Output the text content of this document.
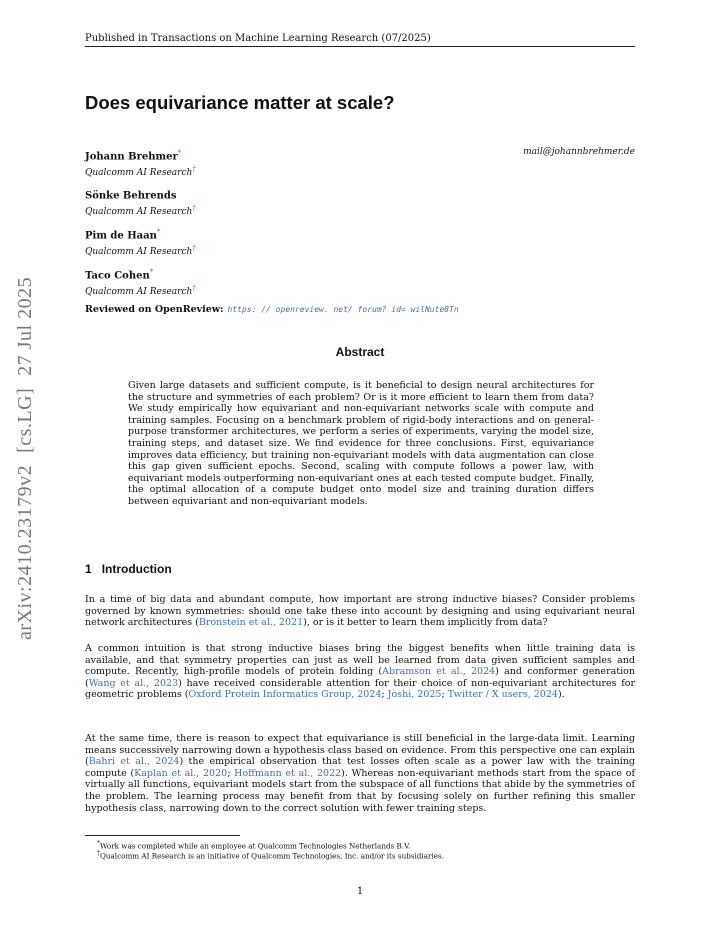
Published in Transactions on Machine Learning Research (07/2025)
arXiv:2410.23179v2[cs.LG]27 Jul 2025
Does equivariance matter at scale?
mail@johannbrehmer.de
Johann Brehmer*
Qualcomm AI Research†
Sönke Behrends
Qualcomm AI Research†
Pim de Haan*
Qualcomm AI Research†
Taco Cohen*
Qualcomm AI Research†
Reviewed on OpenReview: https: // openreview. net/ forum? id= wilNute8Tn
Abstract
Given large datasets and sufficient compute, is it beneficial to design neural architectures for the structure and symmetries of each problem? Or is it more efficient to learn them from data? We study empirically how equivariant and non-equivariant networks scale with compute and training samples. Focusing on a benchmark problem of rigid-body interactions and on general-purpose transformer architectures, we perform a series of experiments, varying the model size, training steps, and dataset size. We find evidence for three conclusions. First, equivariance improves data efficiency, but training non-equivariant models with data augmentation can close this gap given sufficient epochs. Second, scaling with compute follows a power law, with equivariant models outperforming non-equivariant ones at each tested compute budget. Finally, the optimal allocation of a compute budget onto model size and training duration differs between equivariant and non-equivariant models.
1 Introduction
In a time of big data and abundant compute, how important are strong inductive biases? Consider problems governed by known symmetries: should one take these into account by designing and using equivariant neural network architectures (Bronstein et al., 2021), or is it better to learn them implicitly from data?
A common intuition is that strong inductive biases bring the biggest benefits when little training data is available, and that symmetry properties can just as well be learned from data given sufficient samples and compute. Recently, high-profile models of protein folding (Abramson et al., 2024) and conformer generation (Wang et al., 2023) have received considerable attention for their choice of non-equivariant architectures for geometric problems (Oxford Protein Informatics Group, 2024; Joshi, 2025; Twitter / X users, 2024).
At the same time, there is reason to expect that equivariance is still beneficial in the large-data limit. Learning means successively narrowing down a hypothesis class based on evidence. From this perspective one can explain (Bahri et al., 2024) the empirical observation that test losses often scale as a power law with the training compute (Kaplan et al., 2020; Hoffmann et al., 2022). Whereas non-equivariant methods start from the space of virtually all functions, equivariant models start from the subspace of all functions that abide by the symmetries of the problem. The learning process may benefit from that by focusing solely on further refining this smaller hypothesis class, narrowing down to the correct solution with fewer training steps.
*Work was completed while an employee at Qualcomm Technologies Netherlands B.V.
†Qualcomm AI Research is an initiative of Qualcomm Technologies, Inc. and/or its subsidiaries.
1
